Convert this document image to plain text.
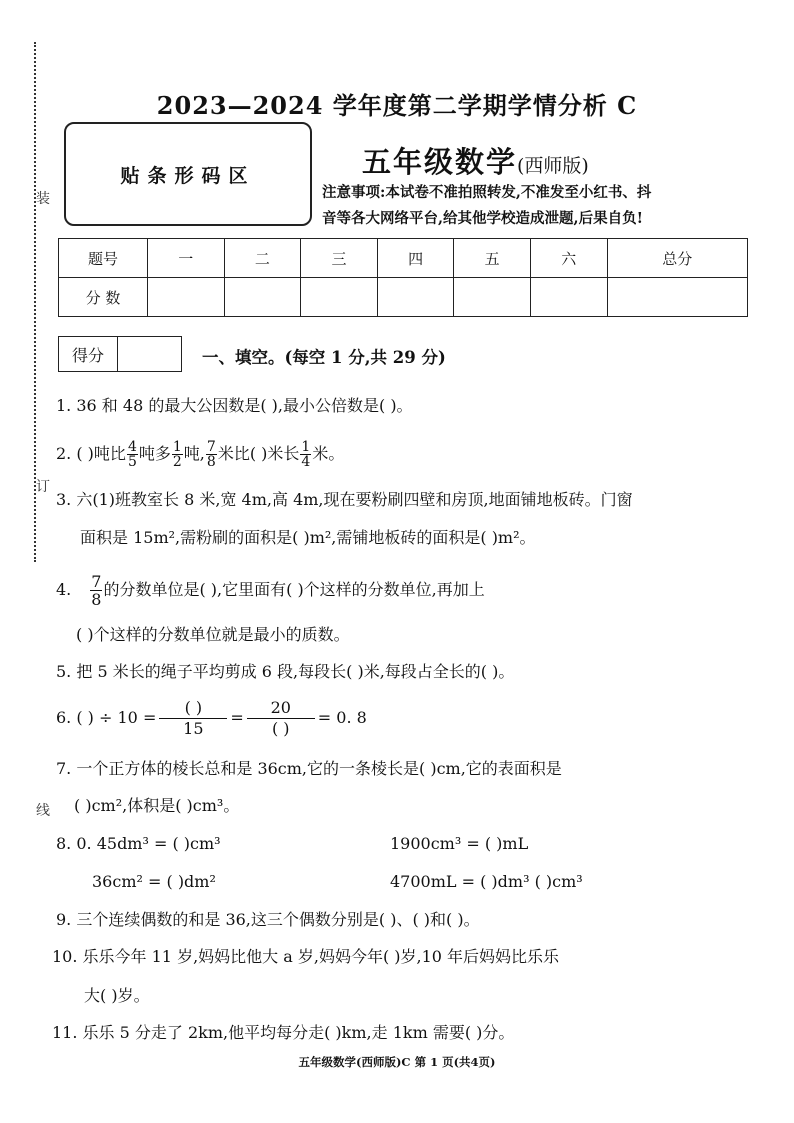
装
订
线
2023—2024 学年度第二学期学情分析 C
贴条形码区	五年级数学(西师版)
注意事项:本试卷不准拍照转发,不准发至小红书、抖
音等各大网络平台,给其他学校造成泄题,后果自负!
题号	一	二	三	四	五	六	总分
分 数							
得分	一、填空。(每空 1 分,共 29 分)
1. 36 和 48 的最大公因数是( ),最小公倍数是( )。
2. ( )吨比 $\frac{4}{5}$ 吨多 $\frac{1}{2}$ 吨, $\frac{7}{8}$ 米比( )米长 $\frac{1}{4}$ 米。
3. 六(1)班教室长 8 米,宽 4m,高 4m,现在要粉刷四壁和房顶,地面铺地板砖。门窗
面积是 15m²,需粉刷的面积是( )m²,需铺地板砖的面积是( )m²。
4. $\frac{7}{8}$ 的分数单位是( ),它里面有( )个这样的分数单位,再加上
( )个这样的分数单位就是最小的质数。
5. 把 5 米长的绳子平均剪成 6 段,每段长( )米,每段占全长的( )。
6. ( ) ÷ $10 = \frac{( )}{15} = \frac{20}{( )} = 0$. 8
7. 一个正方体的棱长总和是 36cm,它的一条棱长是( )cm,它的表面积是
( )cm²,体积是( )cm³。
8. 0. 45dm³ = ( )cm³	1900cm³ = ( )mL
36cm² = ( )dm²	4700mL = ( )dm³ ( )cm³
9. 三个连续偶数的和是 36,这三个偶数分别是( )、( )和( )。
10. 乐乐今年 11 岁,妈妈比他大 a 岁,妈妈今年( )岁,10 年后妈妈比乐乐
大( )岁。
11. 乐乐 5 分走了 2km,他平均每分走( )km,走 1km 需要( )分。
五年级数学(西师版)C 第 1 页(共4页)
